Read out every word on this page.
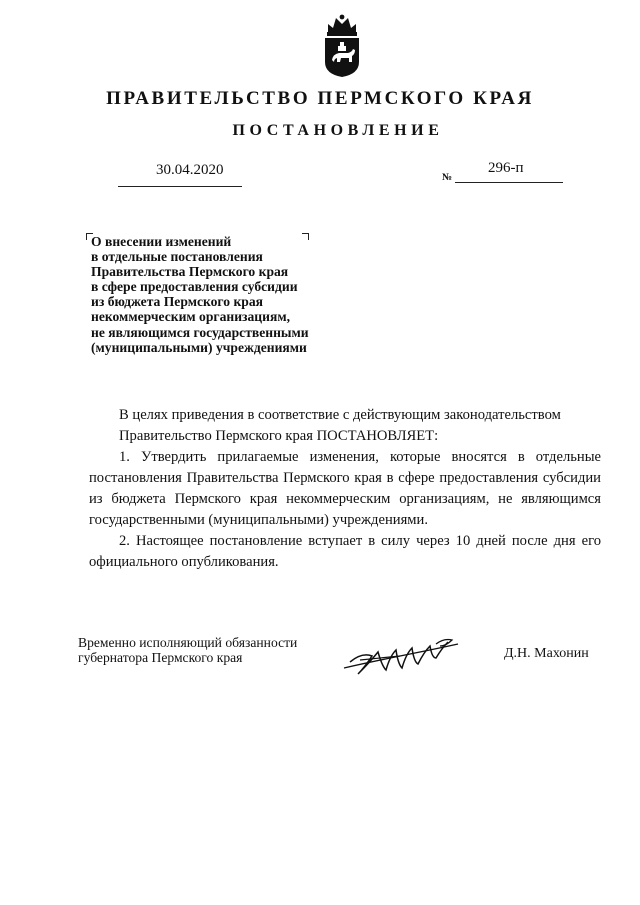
ПРАВИТЕЛЬСТВО ПЕРМСКОГО КРАЯ
ПОСТАНОВЛЕНИЕ
30.04.2020	№
296-п
О внесении изменений
в отдельные постановления
Правительства Пермского края
в сфере предоставления субсидии
из бюджета Пермского края
некоммерческим организациям,
не являющимся государственными
(муниципальными) учреждениями

В целях приведения в соответствие с действующим законодательством

Правительство Пермского края ПОСТАНОВЛЯЕТ:

1. Утвердить прилагаемые изменения, которые вносятся в отдельные постановления Правительства Пермского края в сфере предоставления субсидии из бюджета Пермского края некоммерческим организациям, не являющимся государственными (муниципальными) учреждениями.

2. Настоящее постановление вступает в силу через 10 дней после дня его официального опубликования.

Временно исполняющий обязанности
губернатора Пермского края	Д.Н. Махонин
